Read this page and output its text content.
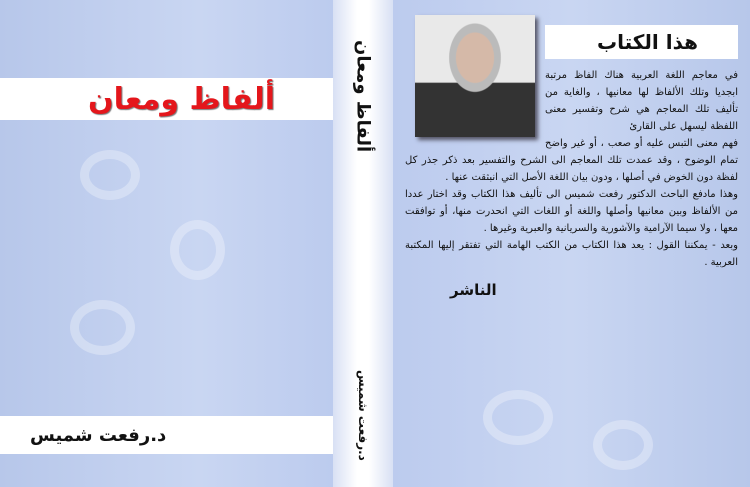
ألفاظ ومعان
د.رفعت شميس
ألفاظ ومعان
د.رفعت شميس
هذا الكتاب
في معاجم اللغة العربية هناك الفاظ مرتبة ابجديا وتلك الألفاظ لها معانيها ، والغاية من تأليف تلك المعاجم هي شرح وتفسير معنى اللفظة ليسهل على القارئ
فهم معنى التبس عليه أو صعب ، أو غير واضح تمام الوضوح ، وقد عمدت تلك المعاجم الى الشرح والتفسير بعد ذكر جذر كل لفظة دون الخوض في أصلها ، ودون بيان اللغة الأصل التي انبثقت عنها .
وهذا مادفع الباحث الدكتور رفعت شميس الى تأليف هذا الكتاب وقد اختار عددا من الألفاظ وبين معانيها وأصلها واللغة أو اللغات التي انحدرت منها، أو توافقت معها ، ولا سيما الآرامية والآشورية والسريانية والعبرية وغيرها .
وبعد - يمكننا القول : يعد هذا الكتاب من الكتب الهامة التي تفتقر إليها المكتبة العربية .
الناشر
